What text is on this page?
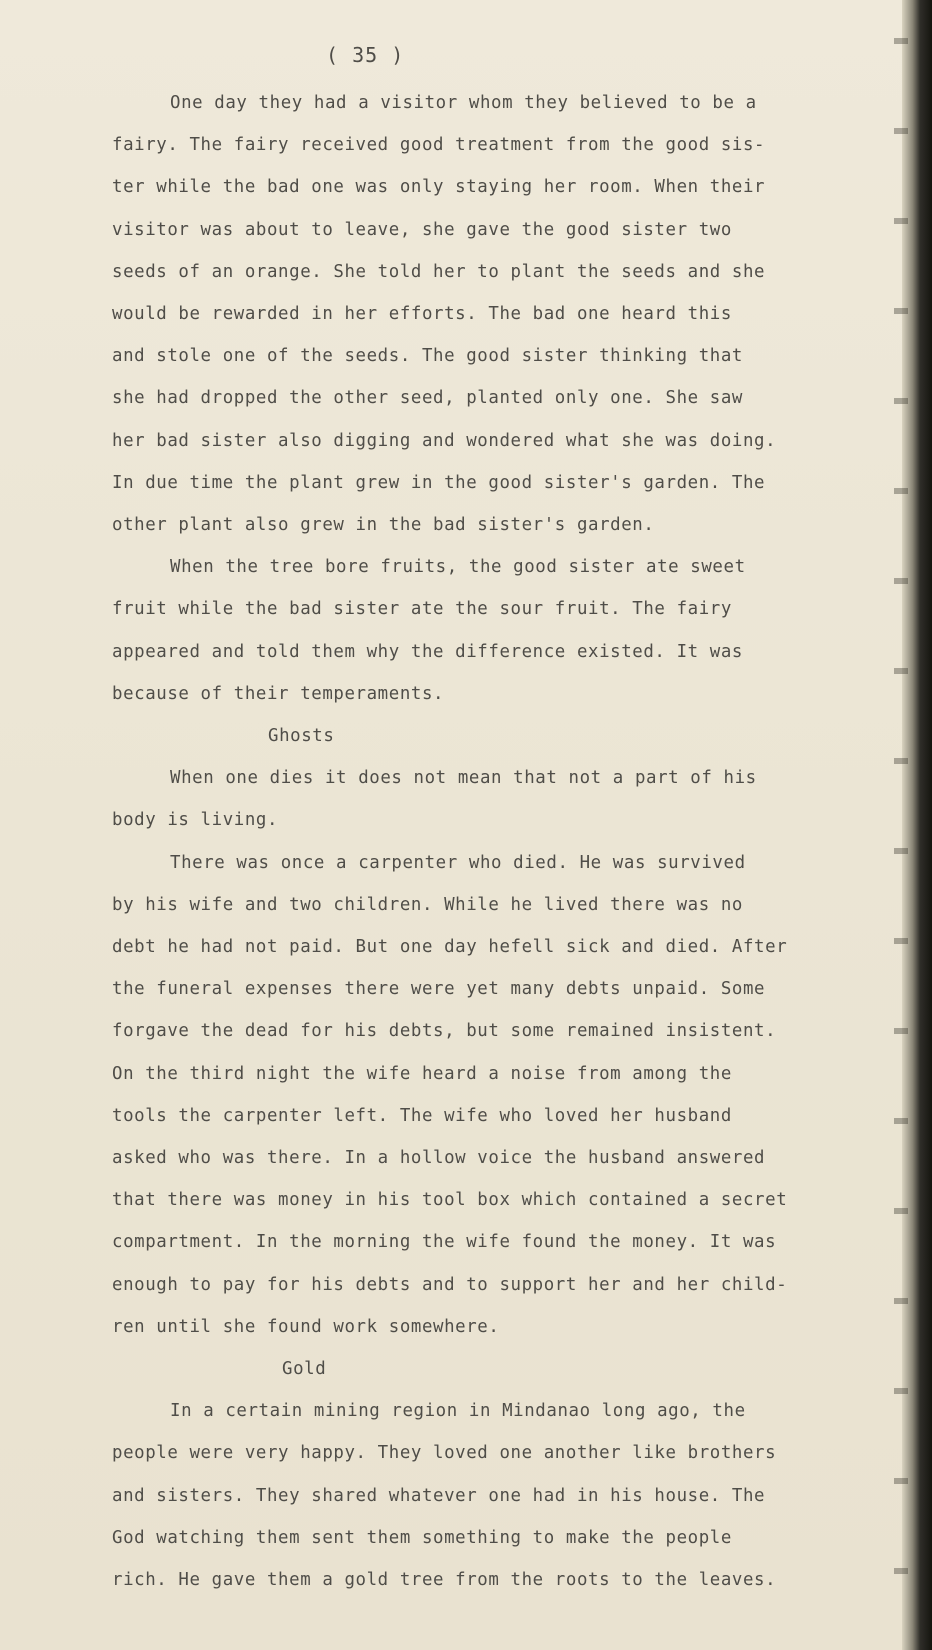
( 35 )
One day they had a visitor whom they believed to be a
fairy. The fairy received good treatment from the good sis-
ter while the bad one was only staying her room. When their
visitor was about to leave, she gave the good sister two
seeds of an orange. She told her to plant the seeds and she
would be rewarded in her efforts. The bad one heard this
and stole one of the seeds. The good sister thinking that
she had dropped the other seed, planted only one. She saw
her bad sister also digging and wondered what she was doing.
In due time the plant grew in the good sister's garden. The
other plant also grew in the bad sister's garden.
When the tree bore fruits, the good sister ate sweet
fruit while the bad sister ate the sour fruit. The fairy
appeared and told them why the difference existed. It was
because of their temperaments.
Ghosts
When one dies it does not mean that not a part of his
body is living.
There was once a carpenter who died. He was survived
by his wife and two children. While he lived there was no
debt he had not paid. But one day hefell sick and died. After
the funeral expenses there were yet many debts unpaid. Some
forgave the dead for his debts, but some remained insistent.
On the third night the wife heard a noise from among the
tools the carpenter left. The wife who loved her husband
asked who was there. In a hollow voice the husband answered
that there was money in his tool box which contained a secret
compartment. In the morning the wife found the money. It was
enough to pay for his debts and to support her and her child-
ren until she found work somewhere.
Gold
In a certain mining region in Mindanao long ago, the
people were very happy. They loved one another like brothers
and sisters. They shared whatever one had in his house. The
God watching them sent them something to make the people
rich. He gave them a gold tree from the roots to the leaves.
